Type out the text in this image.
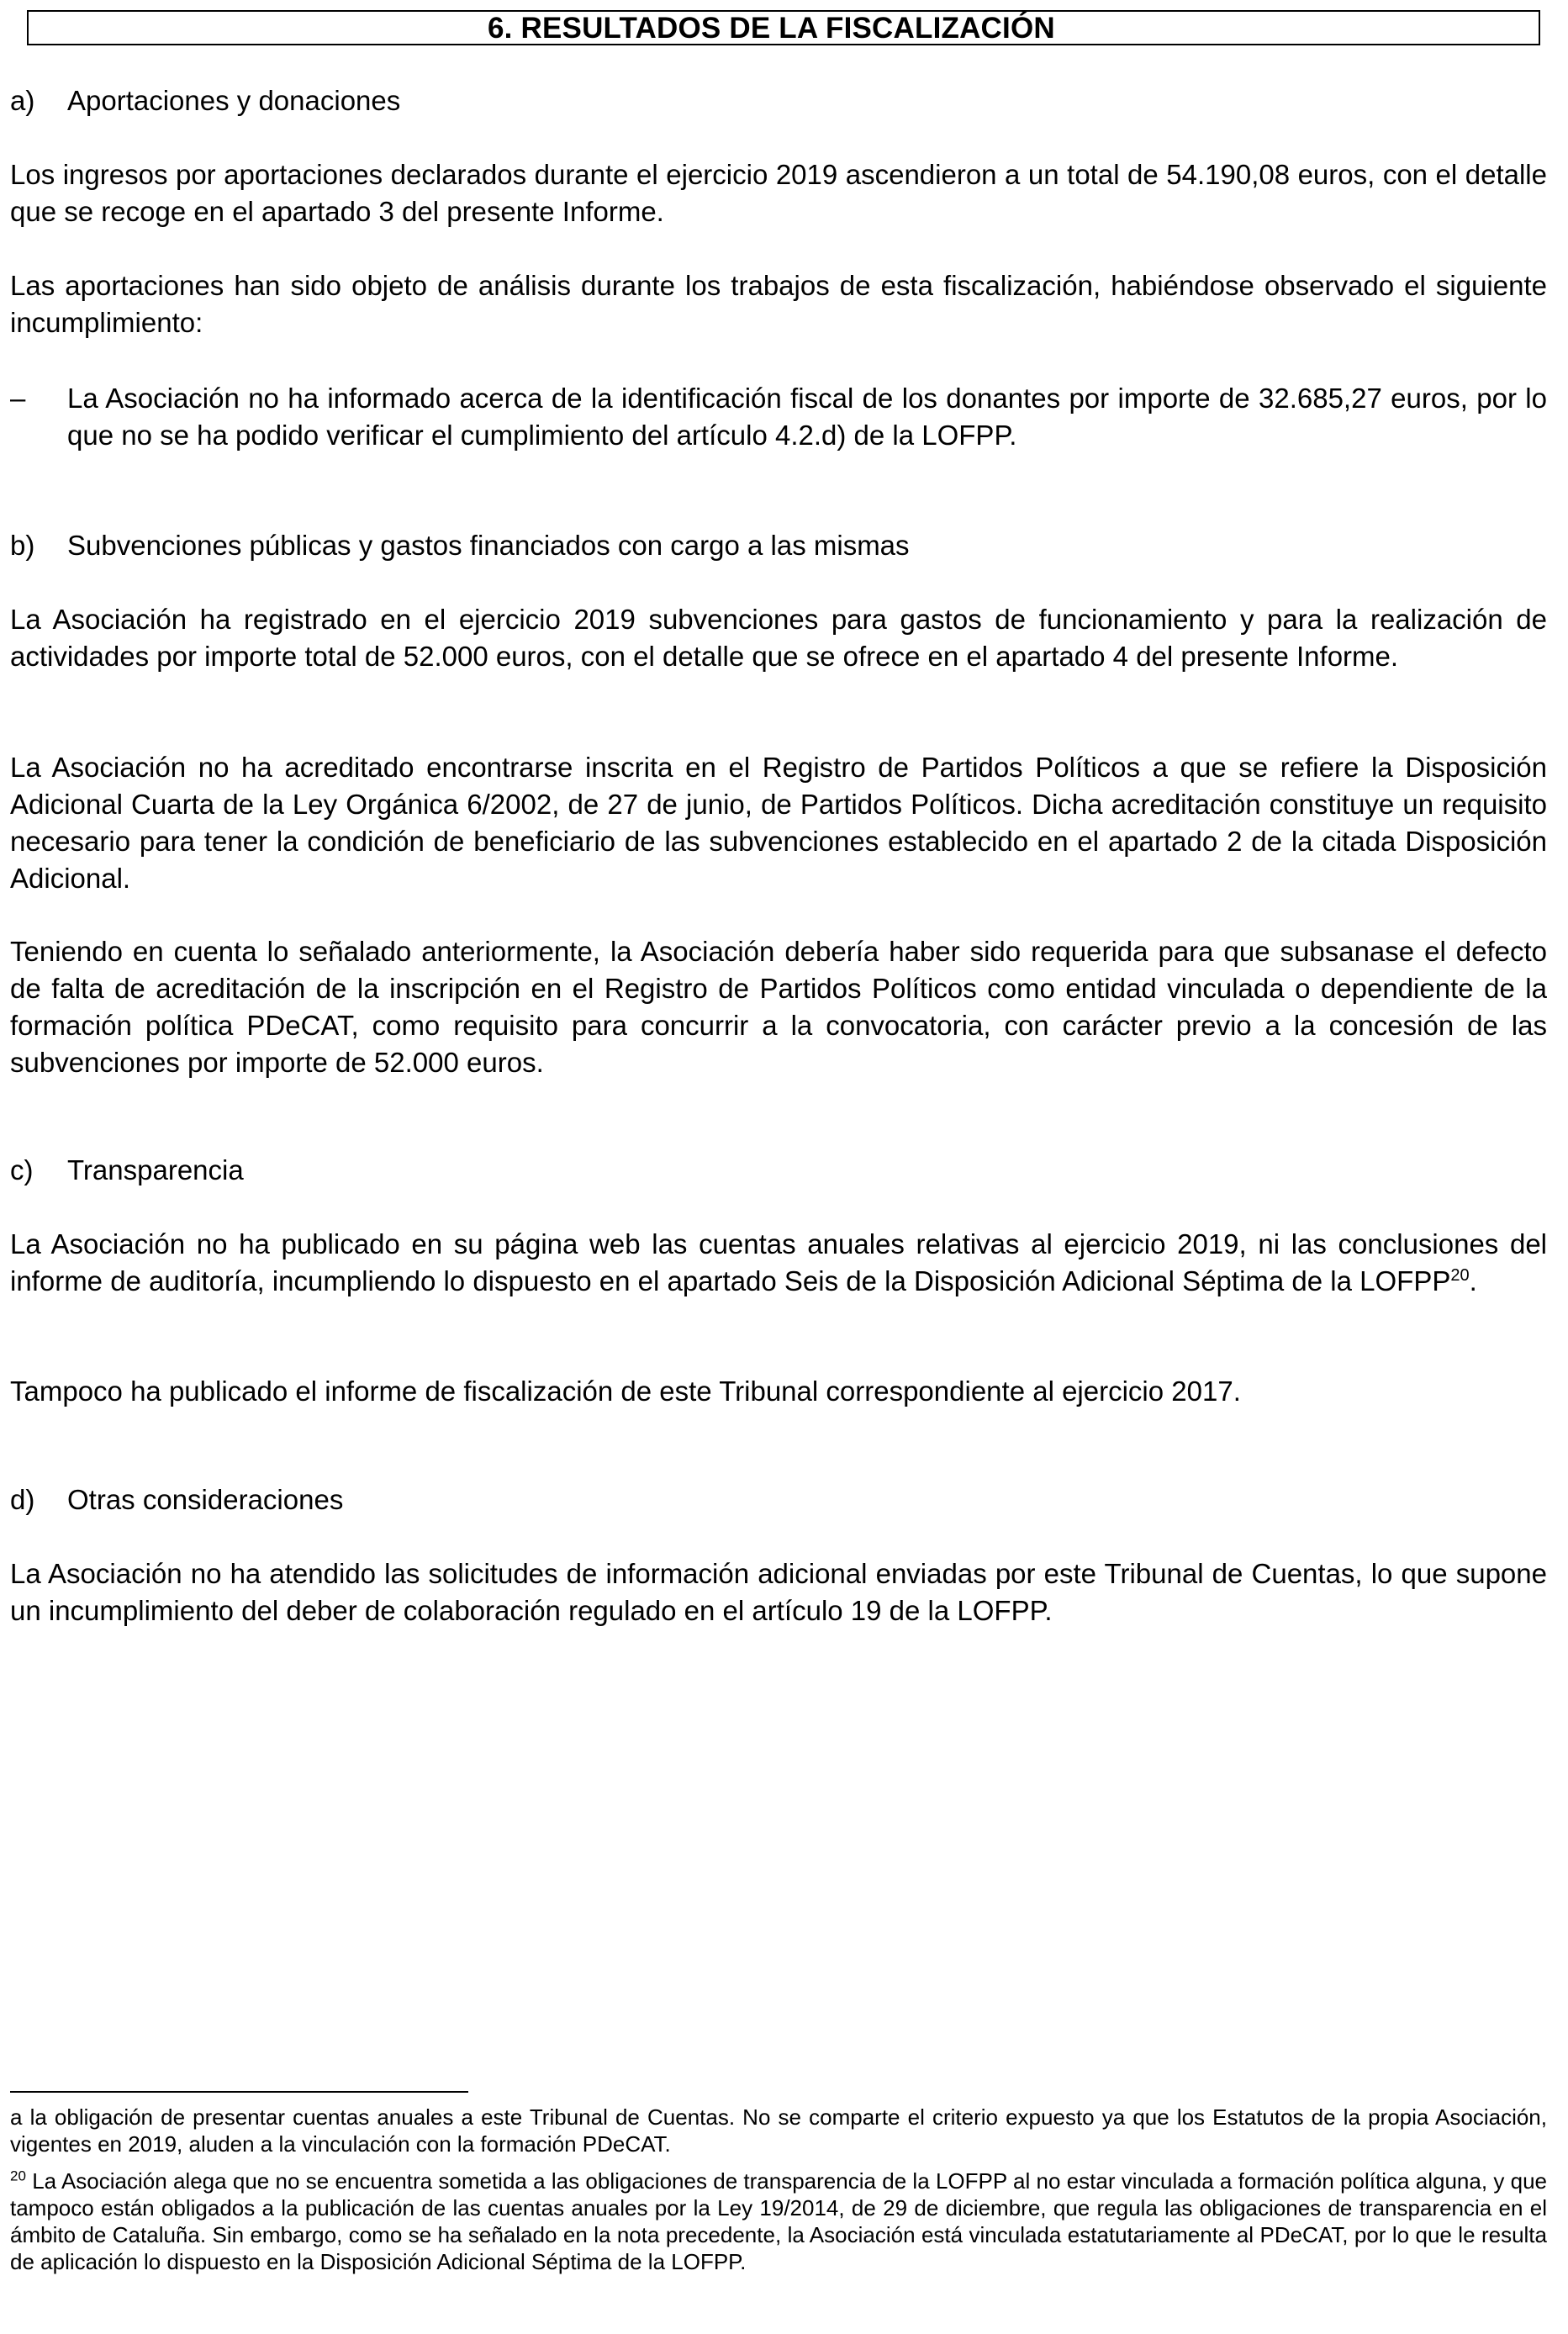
6. RESULTADOS DE LA FISCALIZACIÓN
a) Aportaciones y donaciones
Los ingresos por aportaciones declarados durante el ejercicio 2019 ascendieron a un total de 54.190,08 euros, con el detalle que se recoge en el apartado 3 del presente Informe.
Las aportaciones han sido objeto de análisis durante los trabajos de esta fiscalización, habiéndose observado el siguiente incumplimiento:
–	La Asociación no ha informado acerca de la identificación fiscal de los donantes por importe de 32.685,27 euros, por lo que no se ha podido verificar el cumplimiento del artículo 4.2.d) de la LOFPP.
b) Subvenciones públicas y gastos financiados con cargo a las mismas
La Asociación ha registrado en el ejercicio 2019 subvenciones para gastos de funcionamiento y para la realización de actividades por importe total de 52.000 euros, con el detalle que se ofrece en el apartado 4 del presente Informe.
La Asociación no ha acreditado encontrarse inscrita en el Registro de Partidos Políticos a que se refiere la Disposición Adicional Cuarta de la Ley Orgánica 6/2002, de 27 de junio, de Partidos Políticos. Dicha acreditación constituye un requisito necesario para tener la condición de beneficiario de las subvenciones establecido en el apartado 2 de la citada Disposición Adicional.
Teniendo en cuenta lo señalado anteriormente, la Asociación debería haber sido requerida para que subsanase el defecto de falta de acreditación de la inscripción en el Registro de Partidos Políticos como entidad vinculada o dependiente de la formación política PDeCAT, como requisito para concurrir a la convocatoria, con carácter previo a la concesión de las subvenciones por importe de 52.000 euros.
c) Transparencia
La Asociación no ha publicado en su página web las cuentas anuales relativas al ejercicio 2019, ni las conclusiones del informe de auditoría, incumpliendo lo dispuesto en el apartado Seis de la Disposición Adicional Séptima de la LOFPP$^{20}$.
Tampoco ha publicado el informe de fiscalización de este Tribunal correspondiente al ejercicio 2017.
d) Otras consideraciones
La Asociación no ha atendido las solicitudes de información adicional enviadas por este Tribunal de Cuentas, lo que supone un incumplimiento del deber de colaboración regulado en el artículo 19 de la LOFPP.
a la obligación de presentar cuentas anuales a este Tribunal de Cuentas. No se comparte el criterio expuesto ya que los Estatutos de la propia Asociación, vigentes en 2019, aluden a la vinculación con la formación PDeCAT.
$^{20}$ La Asociación alega que no se encuentra sometida a las obligaciones de transparencia de la LOFPP al no estar vinculada a formación política alguna, y que tampoco están obligados a la publicación de las cuentas anuales por la Ley 19/2014, de 29 de diciembre, que regula las obligaciones de transparencia en el ámbito de Cataluña. Sin embargo, como se ha señalado en la nota precedente, la Asociación está vinculada estatutariamente al PDeCAT, por lo que le resulta de aplicación lo dispuesto en la Disposición Adicional Séptima de la LOFPP.
